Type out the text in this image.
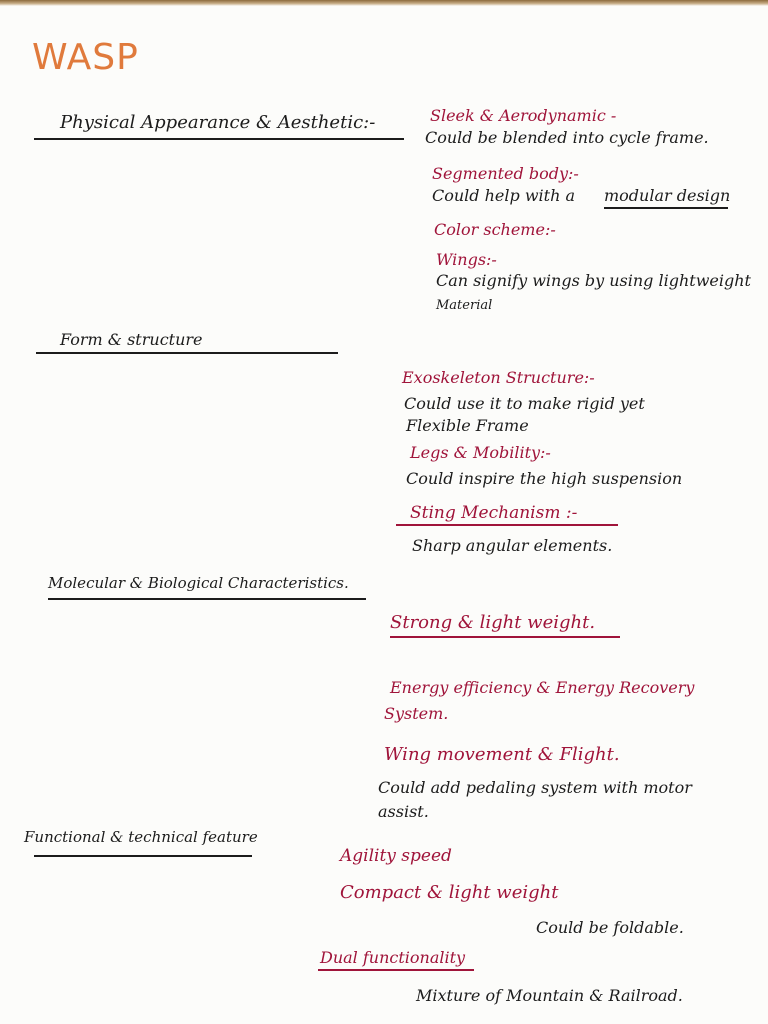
WASP
Physical Appearance & Aesthetic:-	Sleek & Aerodynamic -
Could be blended into cycle frame.
Segmented body:-
Could help with a modular design
Color scheme:-
Wings:-
Can signify wings by using lightweight
Material
Form & structure
Exoskeleton Structure:-
Could use it to make rigid yet
Flexible Frame
Legs & Mobility:-
Could inspire the high suspension
Sting Mechanism :-
Sharp angular elements.
Molecular & Biological Characteristics.
Strong & light weight.
Energy efficiency & Energy Recovery
System.
Wing movement & Flight.
Could add pedaling system with motor
assist.
Functional & technical feature
Agility speed
Compact & light weight
Could be foldable.
Dual functionality
Mixture of Mountain & Railroad.
